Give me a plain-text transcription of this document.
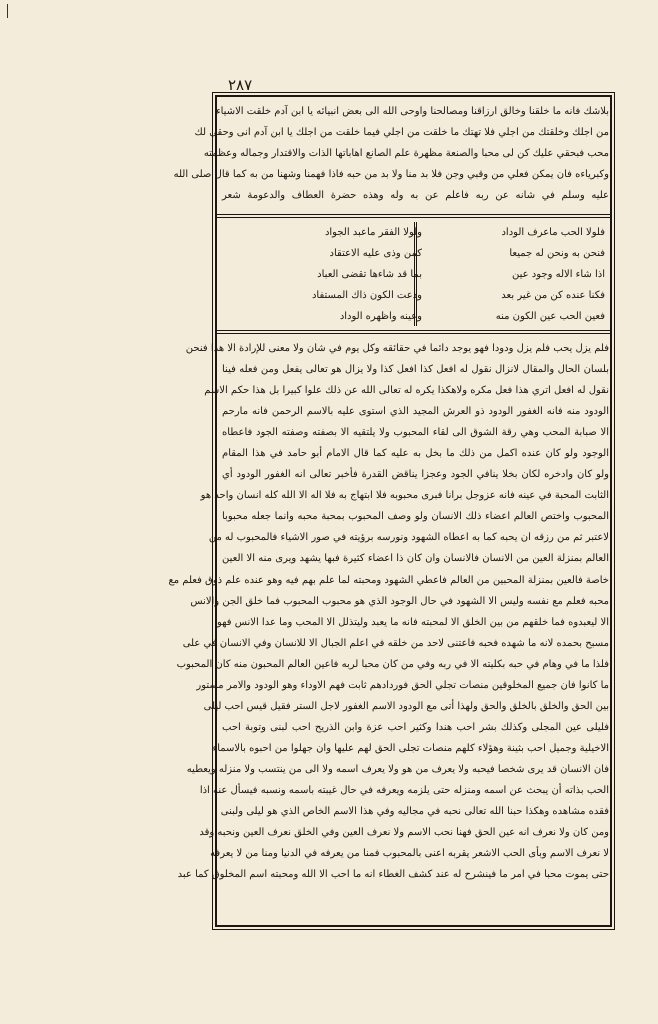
٢٨٧
بلاشك فانه ما خلقنا وخالق ارزاقنا ومصالحنا واوحى الله الى بعض انبيائه يا ابن آدم خلقت الاشياء
من اجلك وخلقتك من اجلي فلا تهتك ما خلقت من اجلي فيما خلقت من اجلك يا ابن آدم انى وحقى لك
محب فبحقي عليك كن لى محبا والصنعة مظهرة علم الصانع اهاباتها الذات والاقتدار وجماله وعظمته
وكبرياءه فان يمكن فعلي من وقبي وجن فلا بد منا ولا بد من حبه فاذا فهمنا وشهنا من به كما قال صلى الله
عليه وسلم في شانه عن ربه فاعلم عن به وله وهذه حضرة العطاف والدعومة شعر
فلولا الحب ماعرف الوداد
فنحن به ونحن له جميعا
اذا شاء الاله وجود عين
فكنا عنده كن من غير بعد
فعين الحب عين الكون منه
ولولا الفقر ماعبد الجواد
كمن وذى عليه الاعتقاد
بما قد شاءها تقضى العباد
وذعت الكون ذاك المستفاد
وعينه واظهره الوداد
فلم يزل يحب فلم يزل ودودا فهو يوجد دائما في حقائقه وكل يوم في شان ولا معنى للإرادة الا هذا فنحن
بلسان الحال والمقال لانزال نقول له افعل كذا افعل كذا ولا يزال هو تعالى يفعل ومن فعله فينا
نقول له افعل اتري هذا فعل مكره ولاهكذا يكره له تعالى الله عن ذلك علوا كبيرا بل هذا حكم الاسم
الودود منه فانه الغفور الودود ذو العرش المجيد الذي استوى عليه بالاسم الرحمن فانه مارحم
الا صبابة المحب وهي رقة الشوق الى لقاء المحبوب ولا يلتقيه الا بصفته وصفته الجود فاعطاه
الوجود ولو كان عنده اكمل من ذلك ما بخل به عليه كما قال الامام أبو حامد في هذا المقام
ولو كان وادخره لكان بخلا ينافي الجود وعجزا يناقض القدرة فأخبر تعالى انه الغفور الودود أي
الثابت المحبة في عينه فانه عزوجل برانا فبرى محبوبه فلا ابتهاج به فلا اله الا الله كله انسان واحد هو
المحبوب واختص العالم اعضاء ذلك الانسان ولو وصف المحبوب بمحبة محبه وانما جعله محبوبا
لاعتبر ثم من رزقه ان يحبه كما به اعطاه الشهود ونورسه برؤيته في صور الاشياء فالمحبوب له من
العالم بمنزلة العين من الانسان فالانسان وان كان ذا اعضاء كثيرة فبها يشهد ويرى منه الا العين
خاصة فالعين بمنزلة المحبين من العالم فاعطي الشهود ومحبته لما علم بهم فيه وهو عنده علم ذوق فعلم مع
محبه فعلم مع نفسه وليس الا الشهود في حال الوجود الذي هو محبوب المحبوب فما خلق الجن والانس
الا ليعبدوه فما خلقهم من بين الخلق الا لمحبته فانه ما يعبد وليتذلل الا المحب وما عدا الانس فهو
مسبح بحمده لانه ما شهده فحبه فاعتنى لاحد من خلقه في اعلم الجبال الا للانسان وفي الانسان في على
فلذا ما في وهام في حبه بكليته الا في ربه وفي من كان محبا لربه فاعين العالم المحبون منه كان المحبوب
ما كانوا فان جميع المخلوقين منصات تجلي الحق فوردادهم ثابت فهم الاوداء وهو الودود والامر مستور
بين الحق والخلق بالخلق والحق ولهذا أتى مع الودود الاسم الغفور لاجل الستر فقيل قيس احب ليلى
فليلى عين المجلى وكذلك بشر احب هندا وكثير احب عزة وابن الذريح احب لبنى وتوبة احب
الاخيلية وجميل احب بثينة وهؤلاء كلهم منصات تجلى الحق لهم عليها وان جهلوا من احبوه بالاسماء
فان الانسان قد يرى شخصا فيحبه ولا يعرف من هو ولا يعرف اسمه ولا الى من ينتسب ولا منزله ويعطيه
الحب بذاته أن يبحث عن اسمه ومنزله حتى يلزمه ويعرفه في حال غيبته باسمه ونسبه فيسأل عنه اذا
فقده مشاهده وهكذا حبنا الله تعالى نحبه في مجاليه وفي هذا الاسم الخاص الذي هو ليلى ولبنى
ومن كان ولا نعرف انه عين الحق فهنا نحب الاسم ولا نعرف العين وفي الخلق نعرف العين ونحبه وقد
لا نعرف الاسم وبأى الحب الاشعر يقربه اعنى بالمحبوب فمنا من يعرفه في الدنيا ومنا من لا يعرفه
حتى يموت محبا في امر ما فينشرح له عند كشف الغطاء انه ما احب الا الله ومحبته اسم المخلوق كما عبد
